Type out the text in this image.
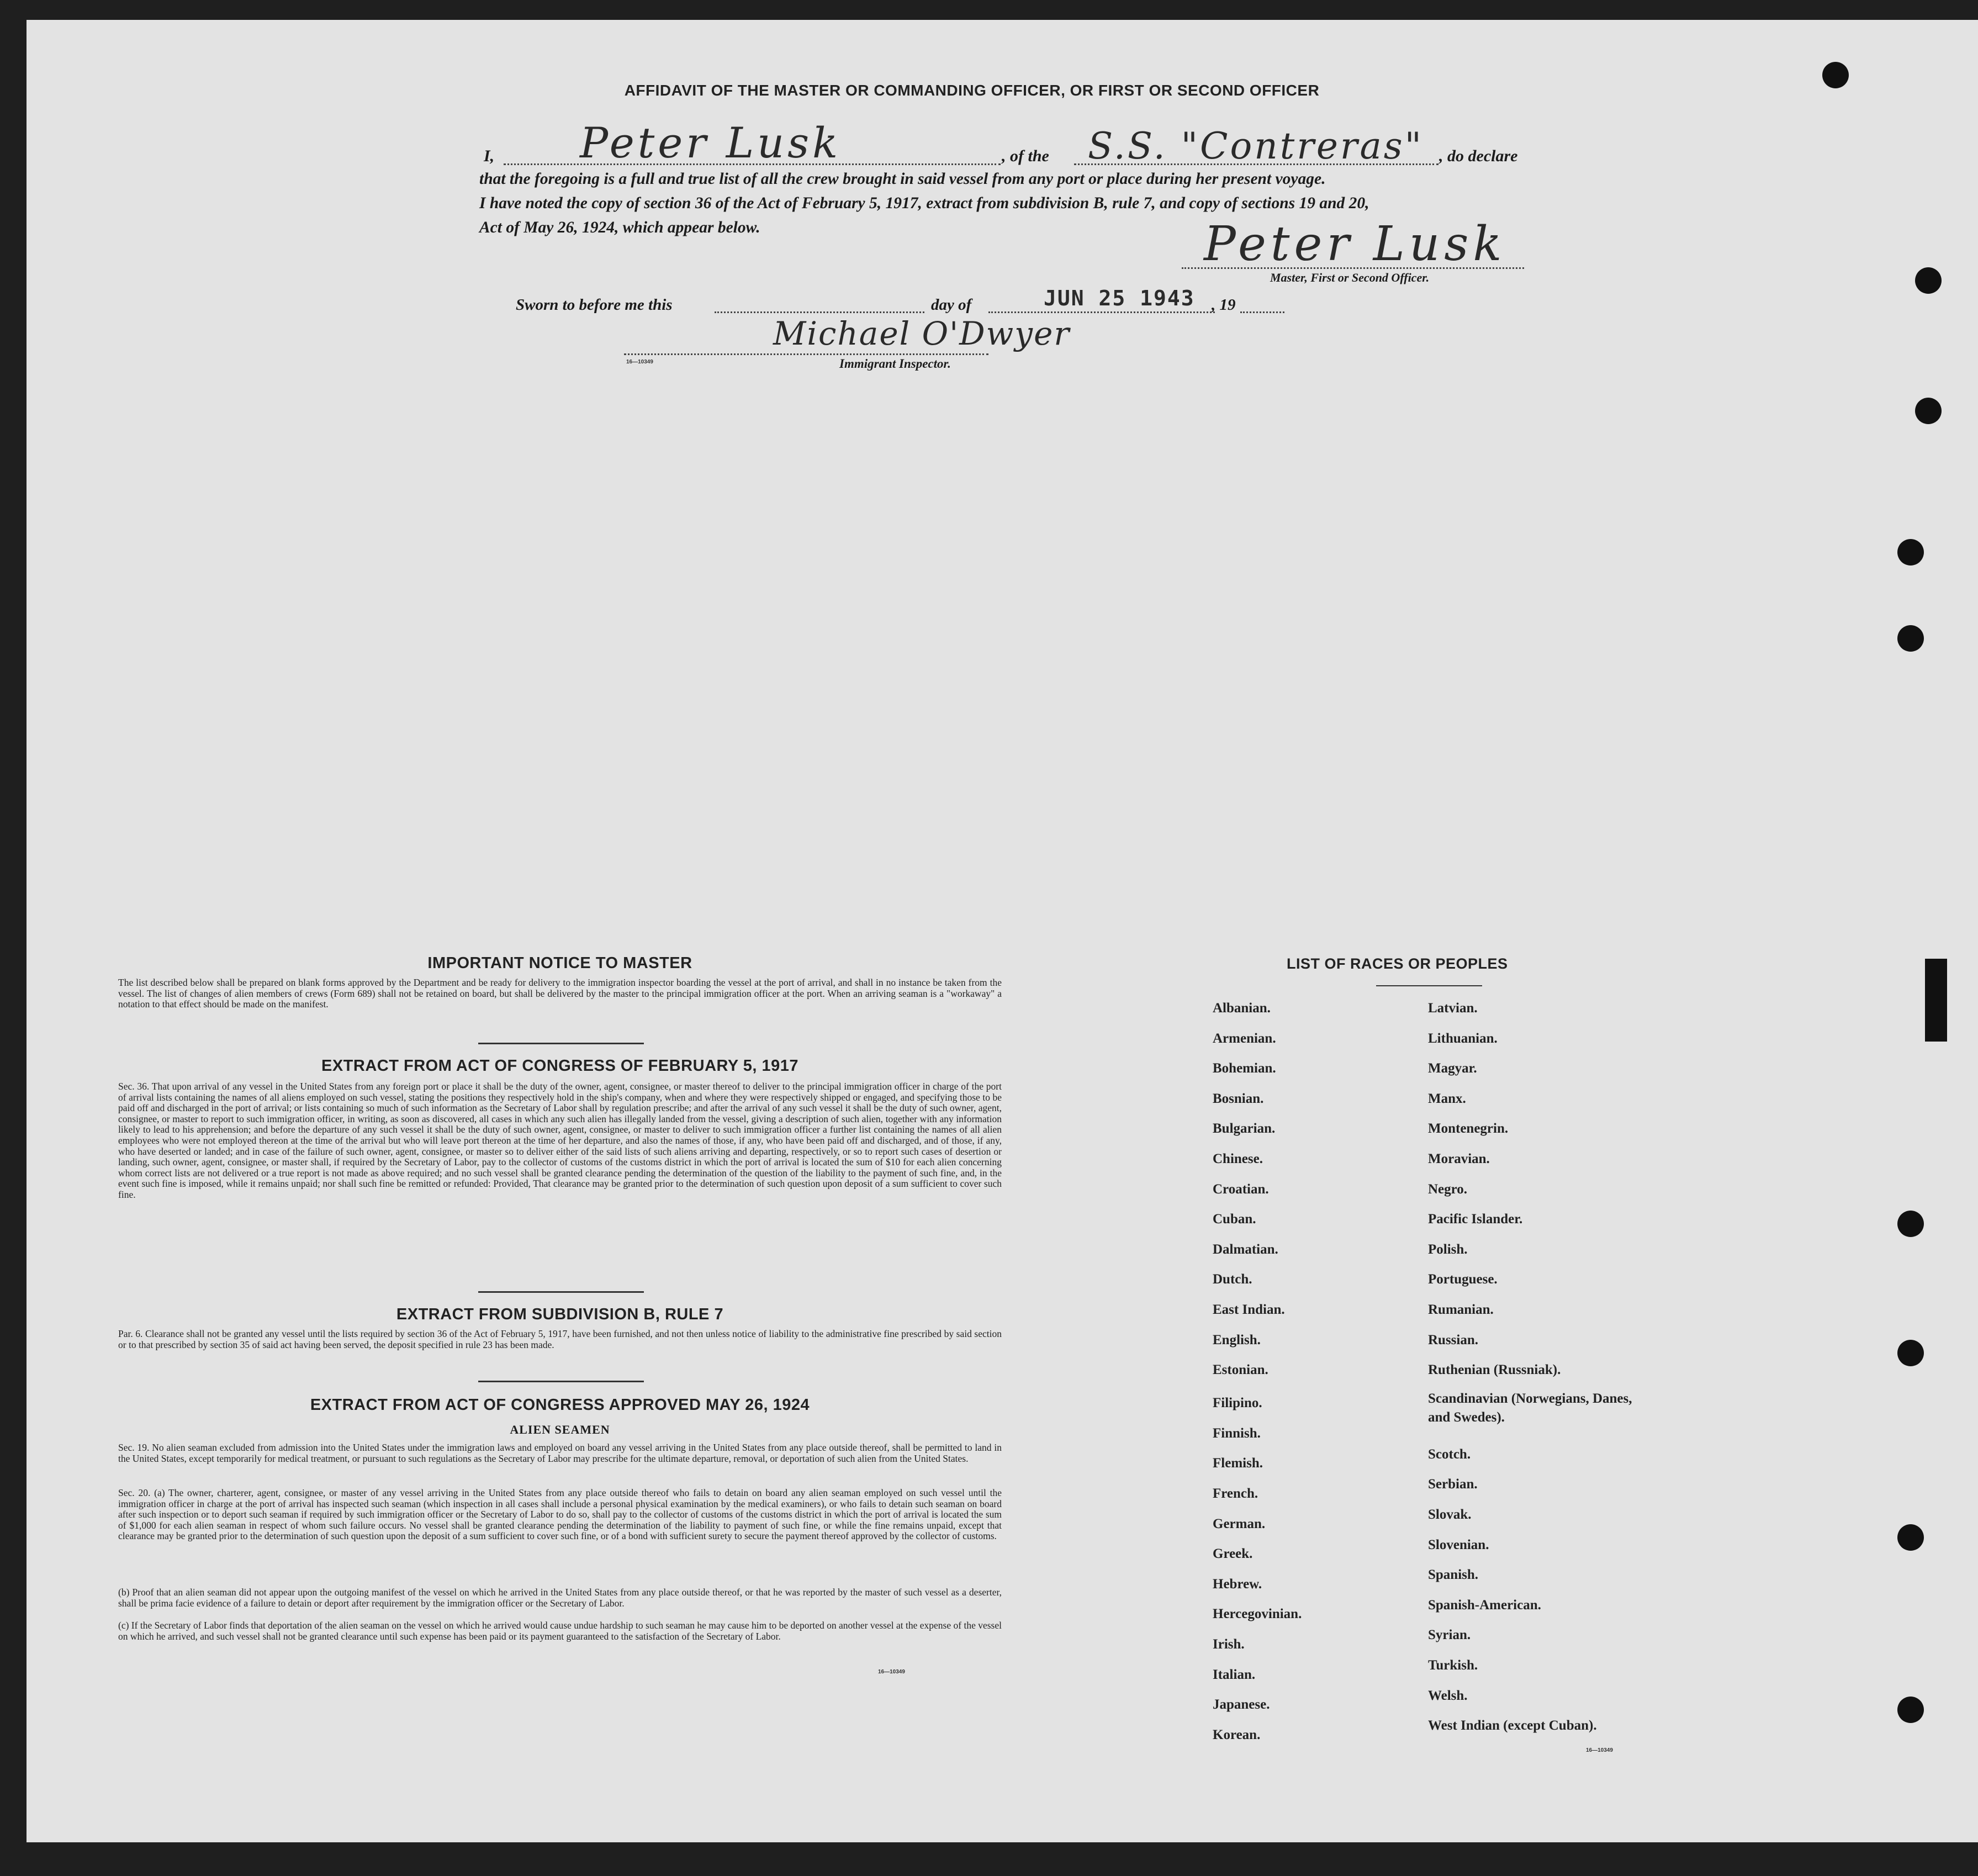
AFFIDAVIT OF THE MASTER OR COMMANDING OFFICER, OR FIRST OR SECOND OFFICER
I, Peter Lusk	, of the S.S. "Contreras" , do declare
that the foregoing is a full and true list of all the crew brought in said vessel from any port or place during her present voyage.
I have noted the copy of section 36 of the Act of February 5, 1917, extract from subdivision B, rule 7, and copy of sections 19 and 20,
Act of May 26, 1924, which appear below.	Peter Lusk
Master, First or Second Officer.
Sworn to before me this	day of	JUN 25 1943 , 19
Michael O'Dwyer
16—10349	Immigrant Inspector.
IMPORTANT NOTICE TO MASTER
The list described below shall be prepared on blank forms approved by the Department and be ready for delivery to the immigration inspector boarding the vessel at the port of arrival, and shall in no instance be taken from the vessel. The list of changes of alien members of crews (Form 689) shall not be retained on board, but shall be delivered by the master to the principal immigration officer at the port. When an arriving seaman is a "workaway" a notation to that effect should be made on the manifest.
EXTRACT FROM ACT OF CONGRESS OF FEBRUARY 5, 1917
Sec. 36. That upon arrival of any vessel in the United States from any foreign port or place it shall be the duty of the owner, agent, consignee, or master thereof to deliver to the principal immigration officer in charge of the port of arrival lists containing the names of all aliens employed on such vessel, stating the positions they respectively hold in the ship's company, when and where they were respectively shipped or engaged, and specifying those to be paid off and discharged in the port of arrival; or lists containing so much of such information as the Secretary of Labor shall by regulation prescribe; and after the arrival of any such vessel it shall be the duty of such owner, agent, consignee, or master to report to such immigration officer, in writing, as soon as discovered, all cases in which any such alien has illegally landed from the vessel, giving a description of such alien, together with any information likely to lead to his apprehension; and before the departure of any such vessel it shall be the duty of such owner, agent, consignee, or master to deliver to such immigration officer a further list containing the names of all alien employees who were not employed thereon at the time of the arrival but who will leave port thereon at the time of her departure, and also the names of those, if any, who have been paid off and discharged, and of those, if any, who have deserted or landed; and in case of the failure of such owner, agent, consignee, or master so to deliver either of the said lists of such aliens arriving and departing, respectively, or so to report such cases of desertion or landing, such owner, agent, consignee, or master shall, if required by the Secretary of Labor, pay to the collector of customs of the customs district in which the port of arrival is located the sum of $10 for each alien concerning whom correct lists are not delivered or a true report is not made as above required; and no such vessel shall be granted clearance pending the determination of the question of the liability to the payment of such fine, and, in the event such fine is imposed, while it remains unpaid; nor shall such fine be remitted or refunded: Provided, That clearance may be granted prior to the determination of such question upon deposit of a sum sufficient to cover such fine.
EXTRACT FROM SUBDIVISION B, RULE 7
Par. 6. Clearance shall not be granted any vessel until the lists required by section 36 of the Act of February 5, 1917, have been furnished, and not then unless notice of liability to the administrative fine prescribed by said section or to that prescribed by section 35 of said act having been served, the deposit specified in rule 23 has been made.
EXTRACT FROM ACT OF CONGRESS APPROVED MAY 26, 1924
ALIEN SEAMEN
Sec. 19. No alien seaman excluded from admission into the United States under the immigration laws and employed on board any vessel arriving in the United States from any place outside thereof, shall be permitted to land in the United States, except temporarily for medical treatment, or pursuant to such regulations as the Secretary of Labor may prescribe for the ultimate departure, removal, or deportation of such alien from the United States.
Sec. 20. (a) The owner, charterer, agent, consignee, or master of any vessel arriving in the United States from any place outside thereof who fails to detain on board any alien seaman employed on such vessel until the immigration officer in charge at the port of arrival has inspected such seaman (which inspection in all cases shall include a personal physical examination by the medical examiners), or who fails to detain such seaman on board after such inspection or to deport such seaman if required by such immigration officer or the Secretary of Labor to do so, shall pay to the collector of customs of the customs district in which the port of arrival is located the sum of $1,000 for each alien seaman in respect of whom such failure occurs. No vessel shall be granted clearance pending the determination of the liability to payment of such fine, or while the fine remains unpaid, except that clearance may be granted prior to the determination of such question upon the deposit of a sum sufficient to cover such fine, or of a bond with sufficient surety to secure the payment thereof approved by the collector of customs.
(b) Proof that an alien seaman did not appear upon the outgoing manifest of the vessel on which he arrived in the United States from any place outside thereof, or that he was reported by the master of such vessel as a deserter, shall be prima facie evidence of a failure to detain or deport after requirement by the immigration officer or the Secretary of Labor.
(c) If the Secretary of Labor finds that deportation of the alien seaman on the vessel on which he arrived would cause undue hardship to such seaman he may cause him to be deported on another vessel at the expense of the vessel on which he arrived, and such vessel shall not be granted clearance until such expense has been paid or its payment guaranteed to the satisfaction of the Secretary of Labor.
16—10349
LIST OF RACES OR PEOPLES
Albanian.
Armenian.
Bohemian.
Bosnian.
Bulgarian.
Chinese.
Croatian.
Cuban.
Dalmatian.
Dutch.
East Indian.
English.
Estonian.
Filipino.
Finnish.
Flemish.
French.
German.
Greek.
Hebrew.
Hercegovinian.
Irish.
Italian.
Japanese.
Korean.
Latvian.
Lithuanian.
Magyar.
Manx.
Montenegrin.
Moravian.
Negro.
Pacific Islander.
Polish.
Portuguese.
Rumanian.
Russian.
Ruthenian (Russniak).
Scandinavian (Norwegians, Danes, and Swedes).
Scotch.
Serbian.
Slovak.
Slovenian.
Spanish.
Spanish-American.
Syrian.
Turkish.
Welsh.
West Indian (except Cuban).
16—10349
